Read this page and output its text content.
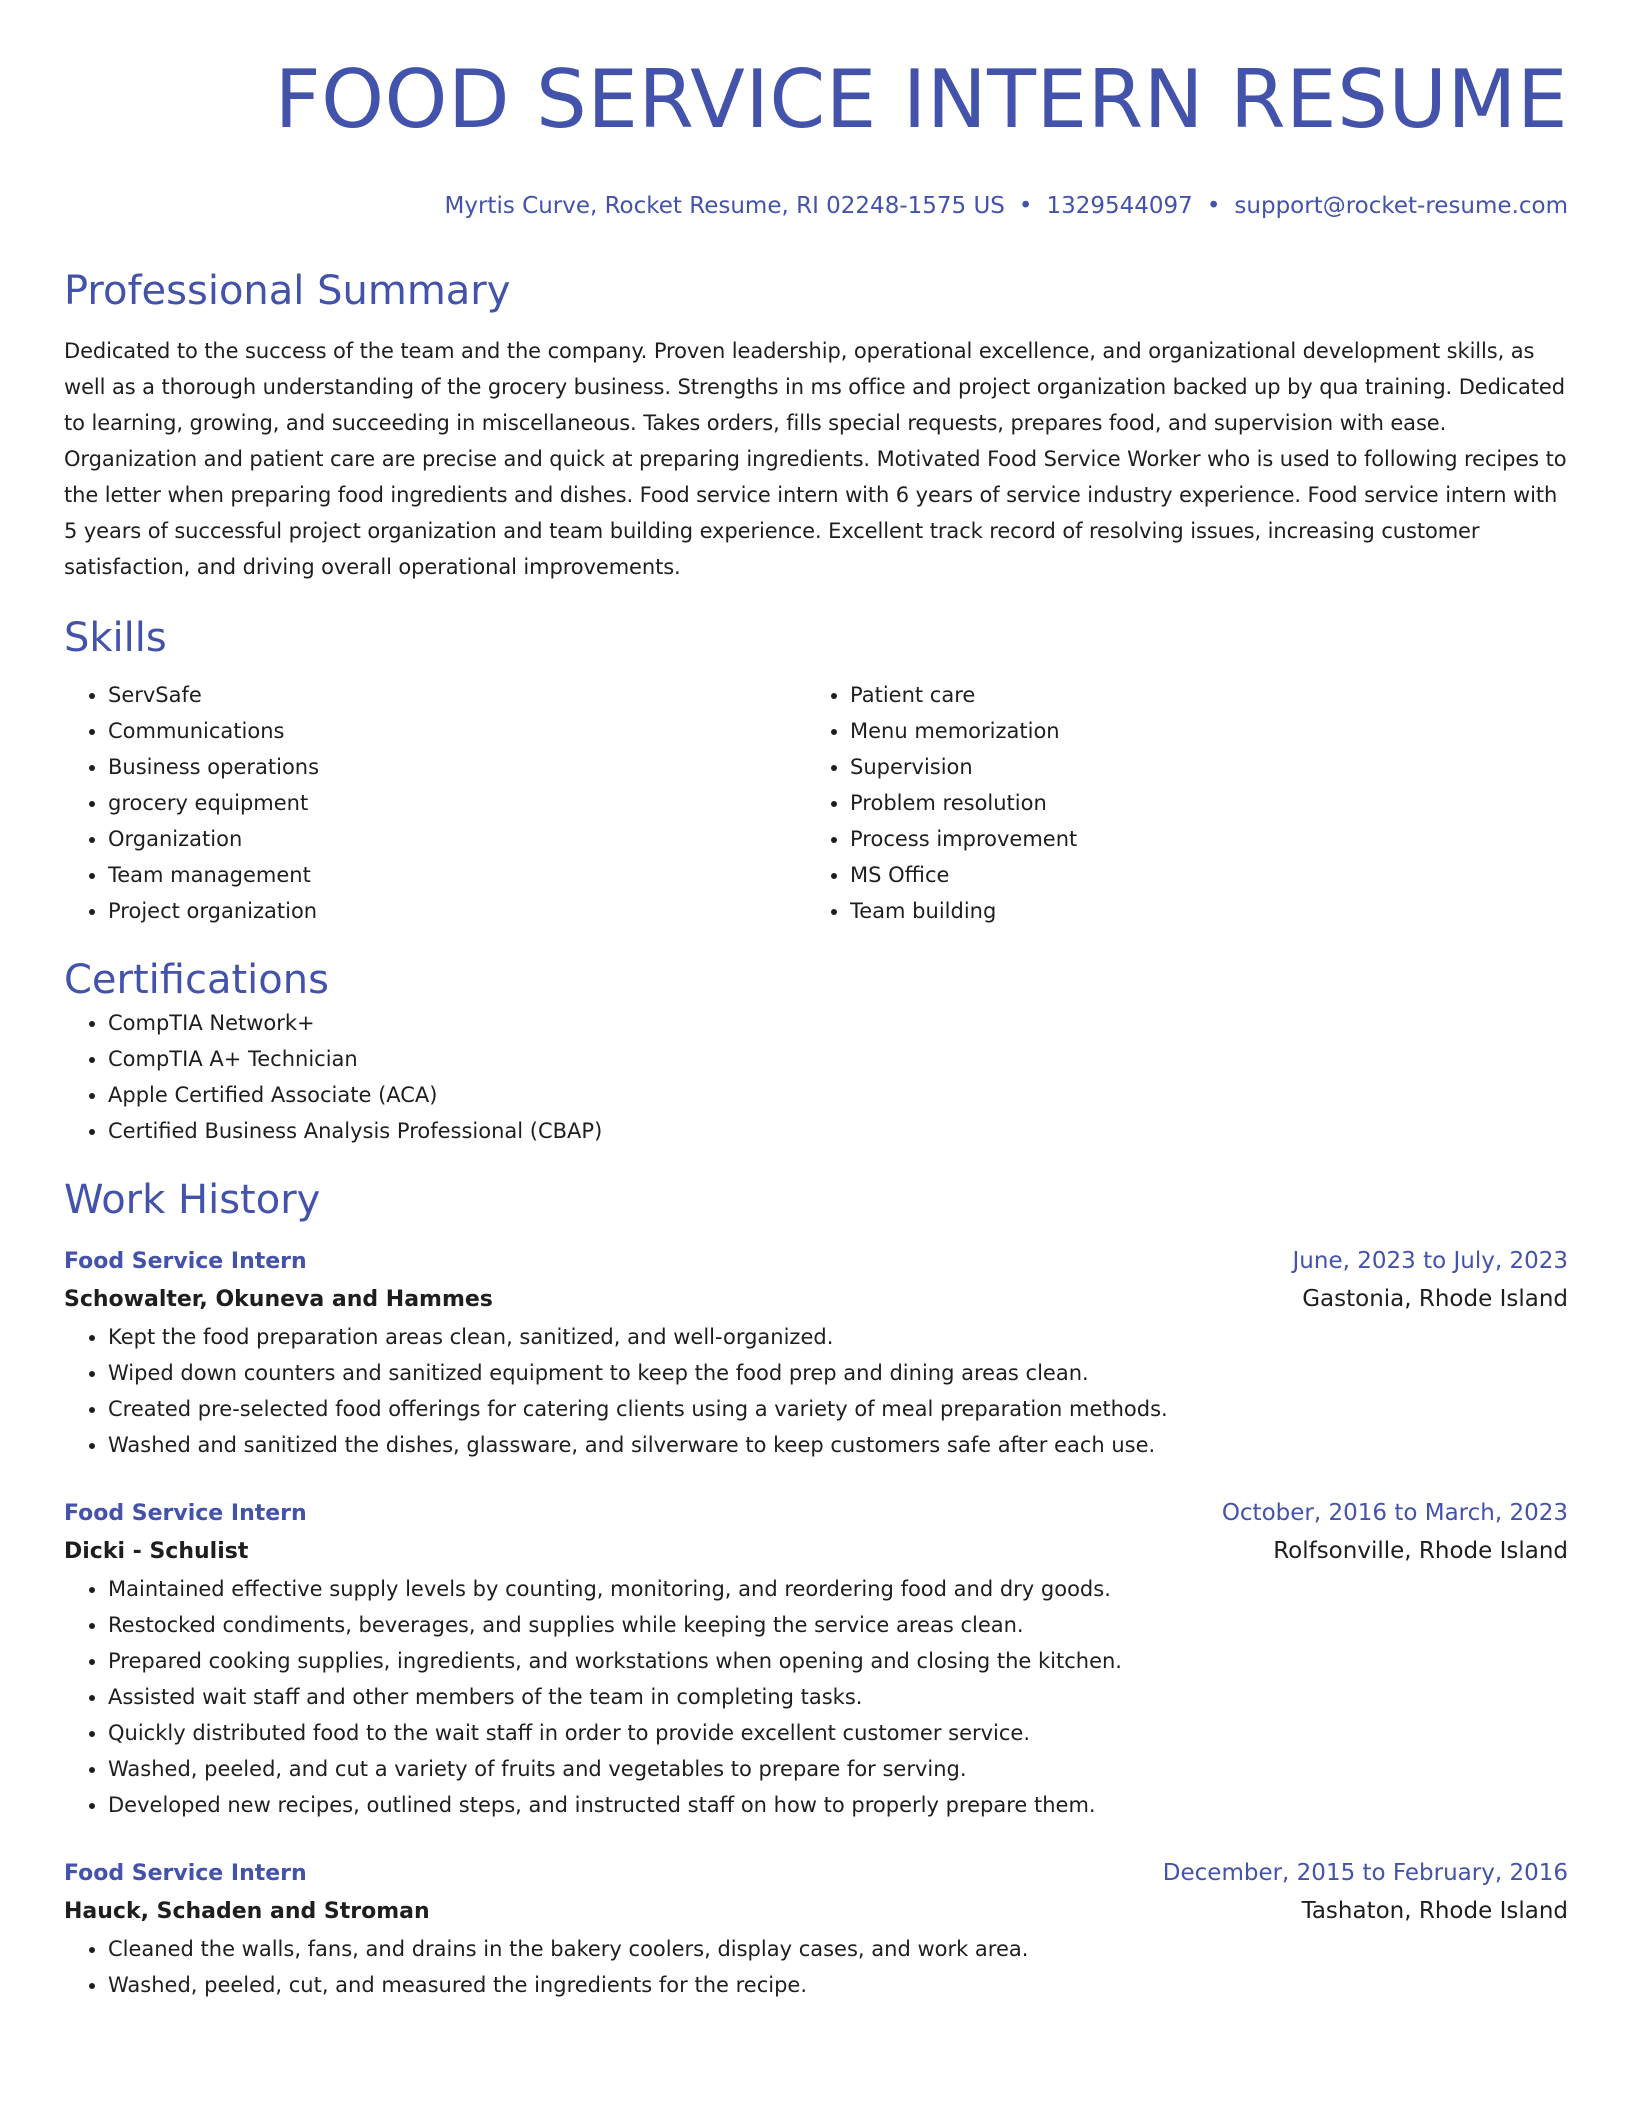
FOOD SERVICE INTERN RESUME
Myrtis Curve, Rocket Resume, RI 02248-1575 US • 1329544097 • support@rocket-resume.com
Professional Summary
Dedicated to the success of the team and the company. Proven leadership, operational excellence, and organizational development skills, as well as a thorough understanding of the grocery business. Strengths in ms office and project organization backed up by qua training. Dedicated to learning, growing, and succeeding in miscellaneous. Takes orders, fills special requests, prepares food, and supervision with ease. Organization and patient care are precise and quick at preparing ingredients. Motivated Food Service Worker who is used to following recipes to the letter when preparing food ingredients and dishes. Food service intern with 6 years of service industry experience. Food service intern with 5 years of successful project organization and team building experience. Excellent track record of resolving issues, increasing customer satisfaction, and driving overall operational improvements.
Skills
• ServSafe
• Communications
• Business operations
• grocery equipment
• Organization
• Team management
• Project organization
• Patient care
• Menu memorization
• Supervision
• Problem resolution
• Process improvement
• MS Office
• Team building
Certifications
• CompTIA Network+
• CompTIA A+ Technician
• Apple Certified Associate (ACA)
• Certified Business Analysis Professional (CBAP)
Work History
Food Service Intern	June, 2023 to July, 2023
Schowalter, Okuneva and Hammes	Gastonia, Rhode Island
• Kept the food preparation areas clean, sanitized, and well-organized.
• Wiped down counters and sanitized equipment to keep the food prep and dining areas clean.
• Created pre-selected food offerings for catering clients using a variety of meal preparation methods.
• Washed and sanitized the dishes, glassware, and silverware to keep customers safe after each use.
Food Service Intern	October, 2016 to March, 2023
Dicki - Schulist	Rolfsonville, Rhode Island
• Maintained effective supply levels by counting, monitoring, and reordering food and dry goods.
• Restocked condiments, beverages, and supplies while keeping the service areas clean.
• Prepared cooking supplies, ingredients, and workstations when opening and closing the kitchen.
• Assisted wait staff and other members of the team in completing tasks.
• Quickly distributed food to the wait staff in order to provide excellent customer service.
• Washed, peeled, and cut a variety of fruits and vegetables to prepare for serving.
• Developed new recipes, outlined steps, and instructed staff on how to properly prepare them.
Food Service Intern	December, 2015 to February, 2016
Hauck, Schaden and Stroman	Tashaton, Rhode Island
• Cleaned the walls, fans, and drains in the bakery coolers, display cases, and work area.
• Washed, peeled, cut, and measured the ingredients for the recipe.
